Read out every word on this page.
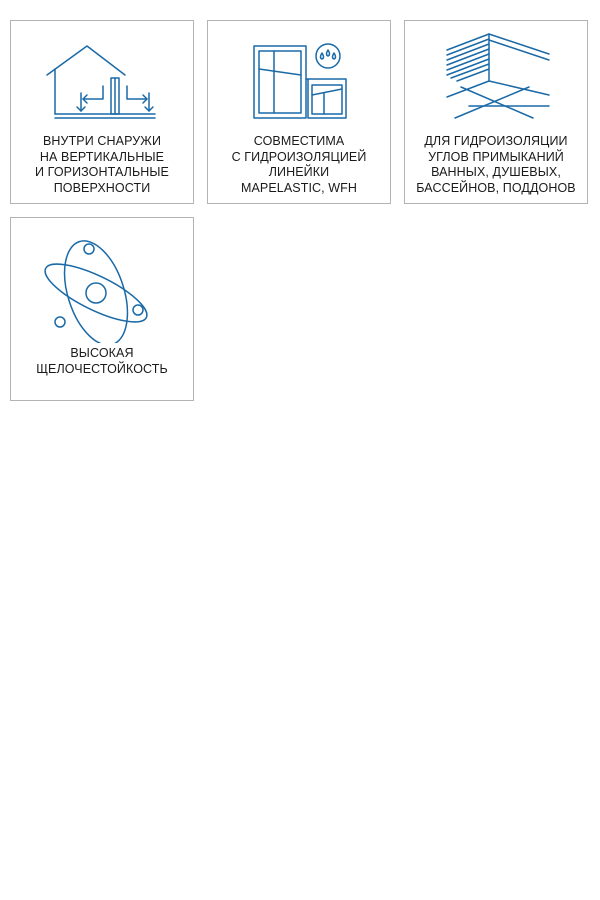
ВНУТРИ СНАРУЖИ
НА ВЕРТИКАЛЬНЫЕ
И ГОРИЗОНТАЛЬНЫЕ
ПОВЕРХНОСТИ
СОВМЕСТИМА
С ГИДРОИЗОЛЯЦИЕЙ
ЛИНЕЙКИ
MAPELASTIC, WFH
ДЛЯ ГИДРОИЗОЛЯЦИИ
УГЛОВ ПРИМЫКАНИЙ
ВАННЫХ, ДУШЕВЫХ,
БАССЕЙНОВ, ПОДДОНОВ
ВЫСОКАЯ
ЩЕЛОЧЕСТОЙКОСТЬ
